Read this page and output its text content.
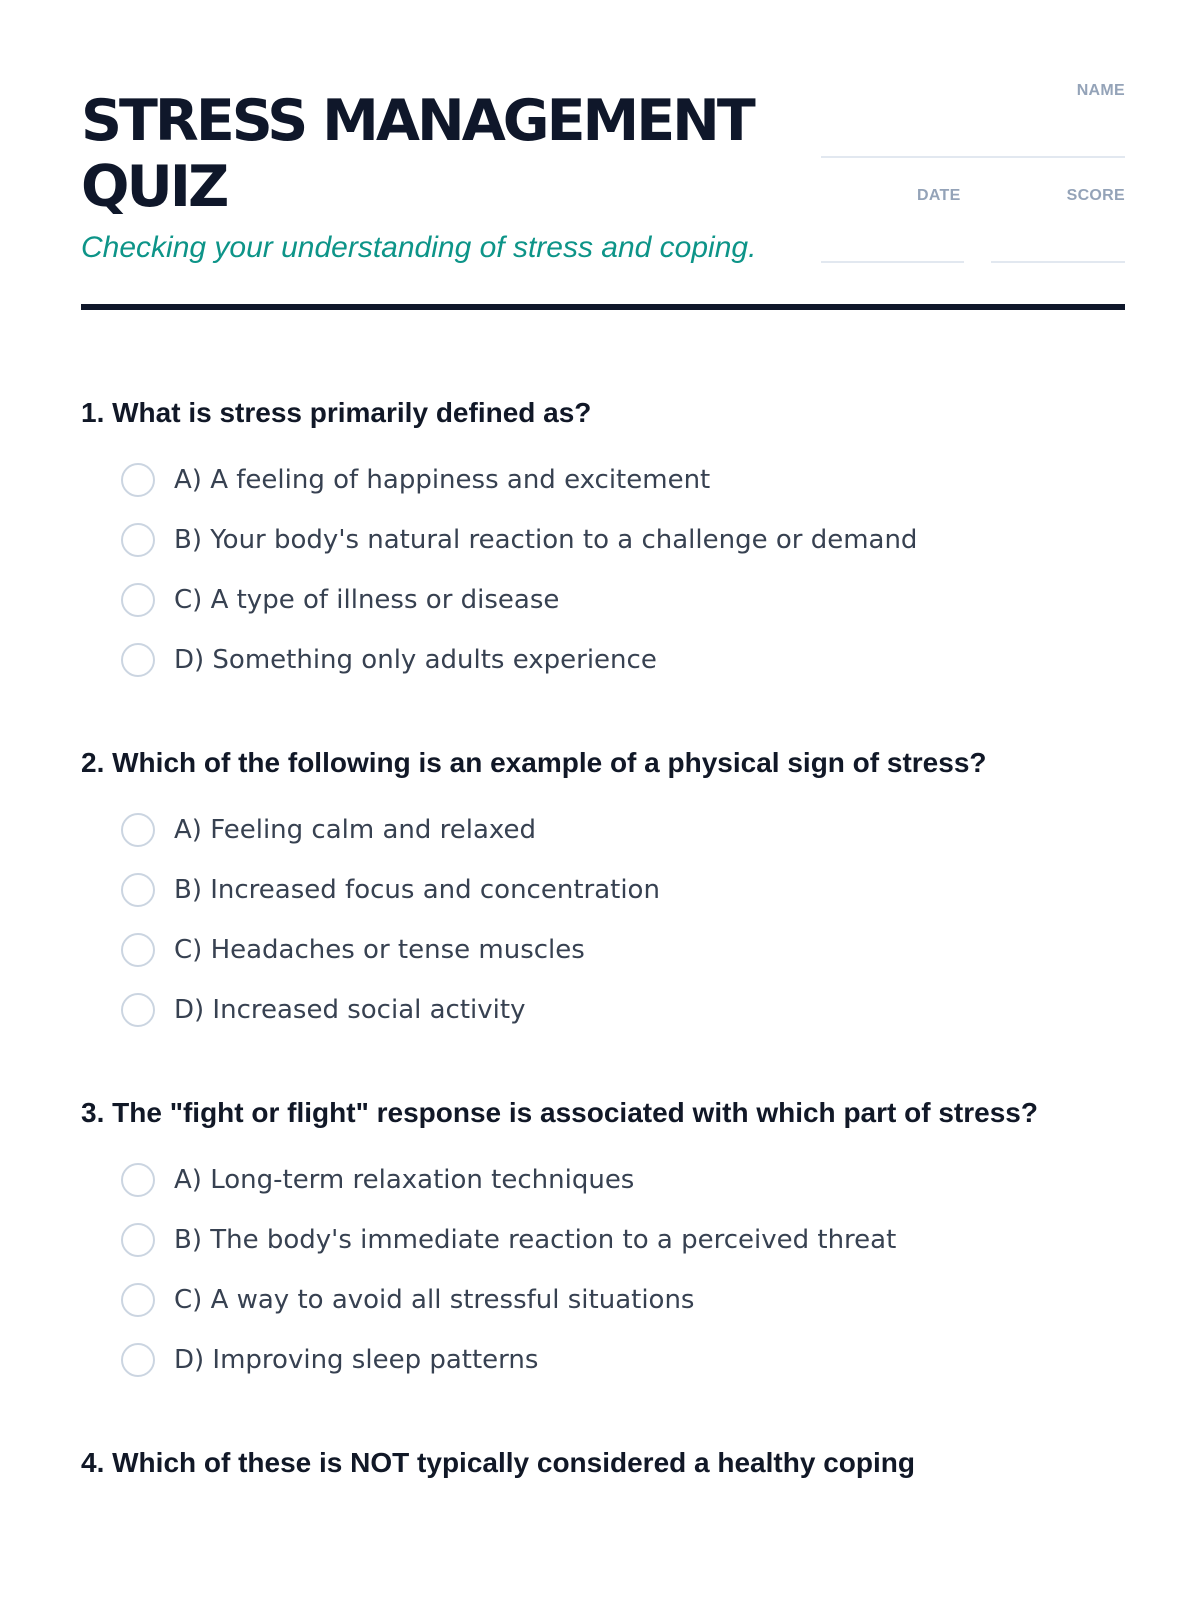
STRESS MANAGEMENT QUIZ
Checking your understanding of stress and coping.
NAME
DATE	SCORE
1. What is stress primarily defined as?
A) A feeling of happiness and excitement
B) Your body's natural reaction to a challenge or demand
C) A type of illness or disease
D) Something only adults experience
2. Which of the following is an example of a physical sign of stress?
A) Feeling calm and relaxed
B) Increased focus and concentration
C) Headaches or tense muscles
D) Increased social activity
3. The "fight or flight" response is associated with which part of stress?
A) Long-term relaxation techniques
B) The body's immediate reaction to a perceived threat
C) A way to avoid all stressful situations
D) Improving sleep patterns
4. Which of these is NOT typically considered a healthy coping
